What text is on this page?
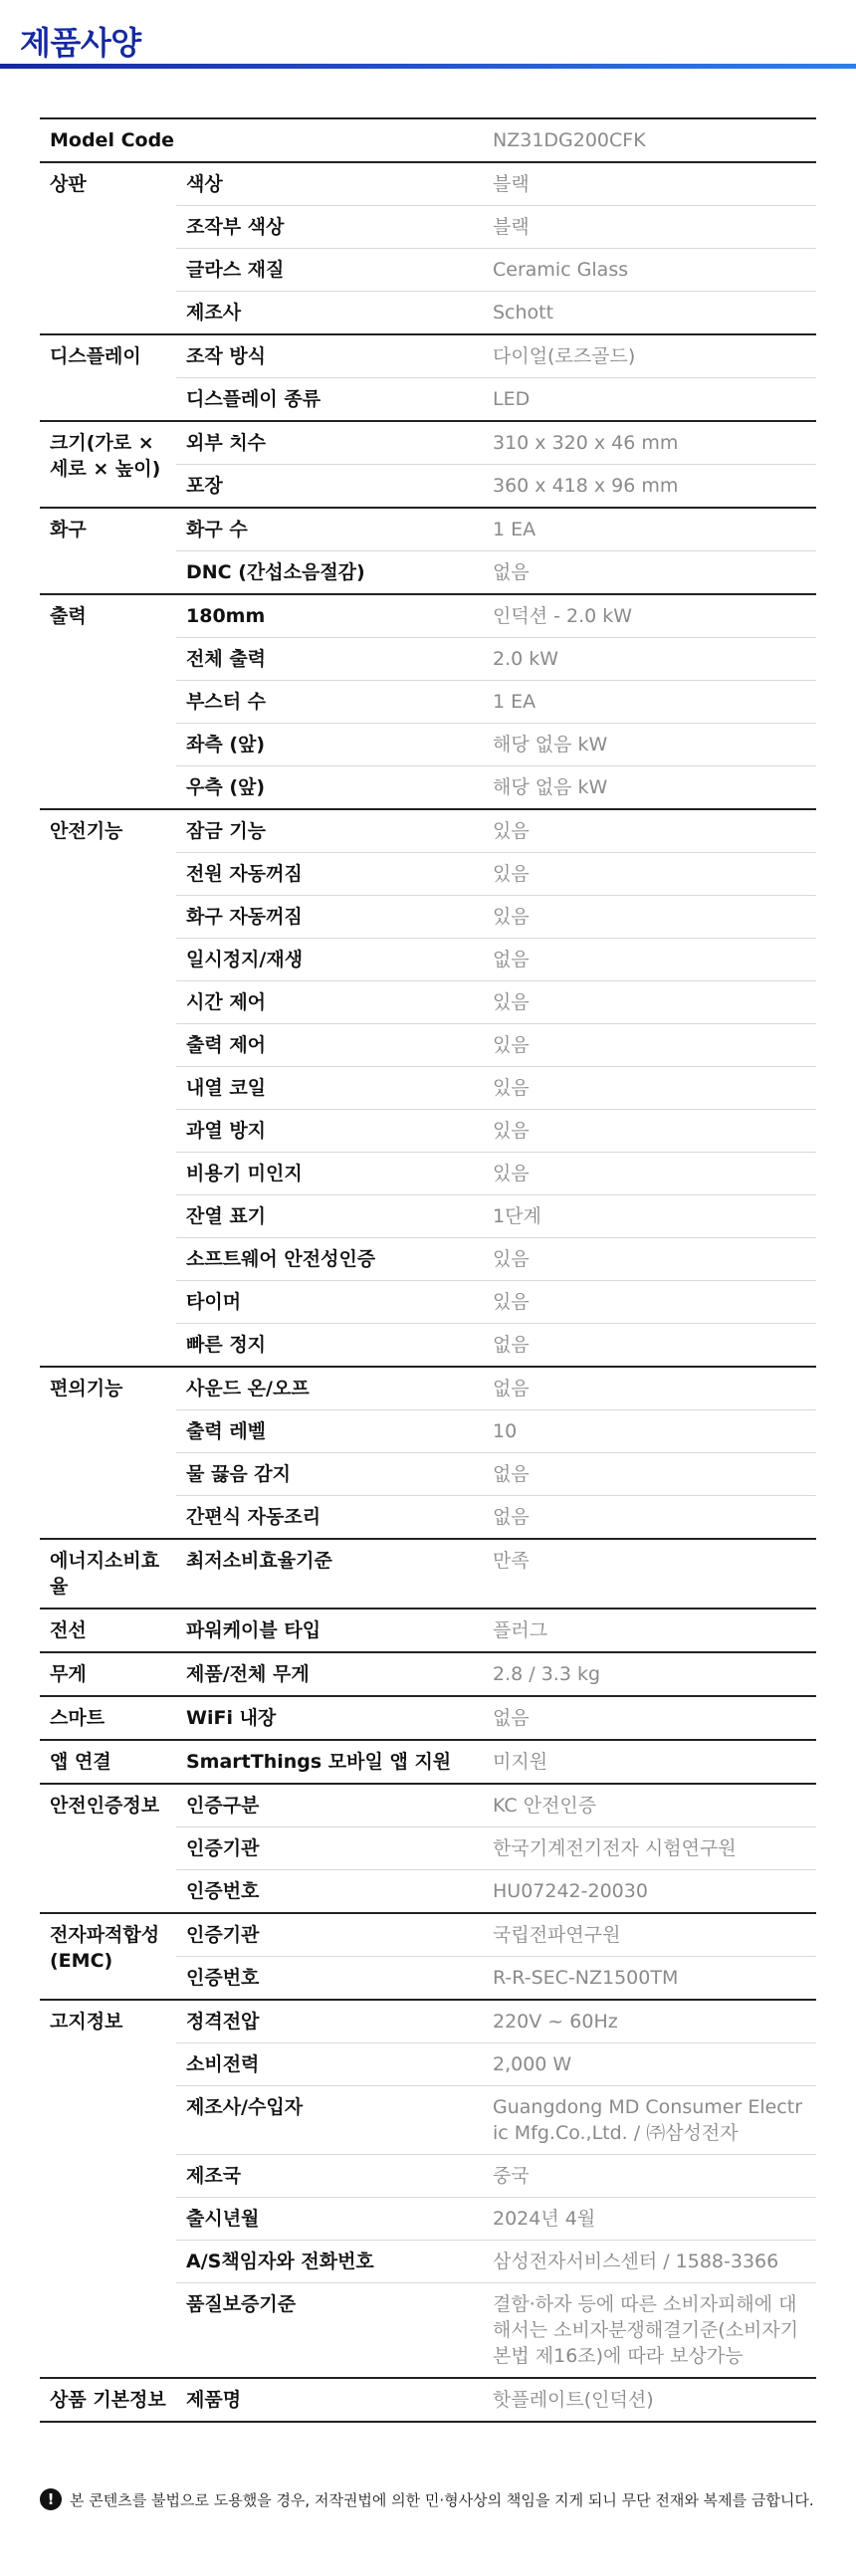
제품사양
Model Code		NZ31DG200CFK
상판	색상	블랙
	조작부 색상	블랙
	글라스 재질	Ceramic Glass
	제조사	Schott
디스플레이	조작 방식	다이얼(로즈골드)
	디스플레이 종류	LED
크기(가로 × 세로 × 높이)	외부 치수	310 x 320 x 46 mm
	포장	360 x 418 x 96 mm
화구	화구 수	1 EA
	DNC (간섭소음절감)	없음
출력	180mm	인덕션 - 2.0 kW
	전체 출력	2.0 kW
	부스터 수	1 EA
	좌측 (앞)	해당 없음 kW
	우측 (앞)	해당 없음 kW
안전기능	잠금 기능	있음
	전원 자동꺼짐	있음
	화구 자동꺼짐	있음
	일시정지/재생	없음
	시간 제어	있음
	출력 제어	있음
	내열 코일	있음
	과열 방지	있음
	비용기 미인지	있음
	잔열 표기	1단계
	소프트웨어 안전성인증	있음
	타이머	있음
	빠른 정지	없음
편의기능	사운드 온/오프	없음
	출력 레벨	10
	물 끓음 감지	없음
	간편식 자동조리	없음
에너지소비효율	최저소비효율기준	만족
전선	파워케이블 타입	플러그
무게	제품/전체 무게	2.8 / 3.3 kg
스마트	WiFi 내장	없음
앱 연결	SmartThings 모바일 앱 지원	미지원
안전인증정보	인증구분	KC 안전인증
	인증기관	한국기계전기전자 시험연구원
	인증번호	HU07242-20030
전자파적합성(EMC)	인증기관	국립전파연구원
	인증번호	R-R-SEC-NZ1500TM
고지정보	정격전압	220V ~ 60Hz
	소비전력	2,000 W
	제조사/수입자	Guangdong MD Consumer Electric Mfg.Co.,Ltd. / ㈜삼성전자
	제조국	중국
	출시년월	2024년 4월
	A/S책임자와 전화번호	삼성전자서비스센터 / 1588-3366
	품질보증기준	결함·하자 등에 따른 소비자피해에 대해서는 소비자분쟁해결기준(소비자기본법 제16조)에 따라 보상가능
상품 기본정보	제품명	핫플레이트(인덕션)
!	본 콘텐츠를 불법으로 도용했을 경우, 저작권법에 의한 민·형사상의 책임을 지게 되니 무단 전재와 복제를 금합니다.
